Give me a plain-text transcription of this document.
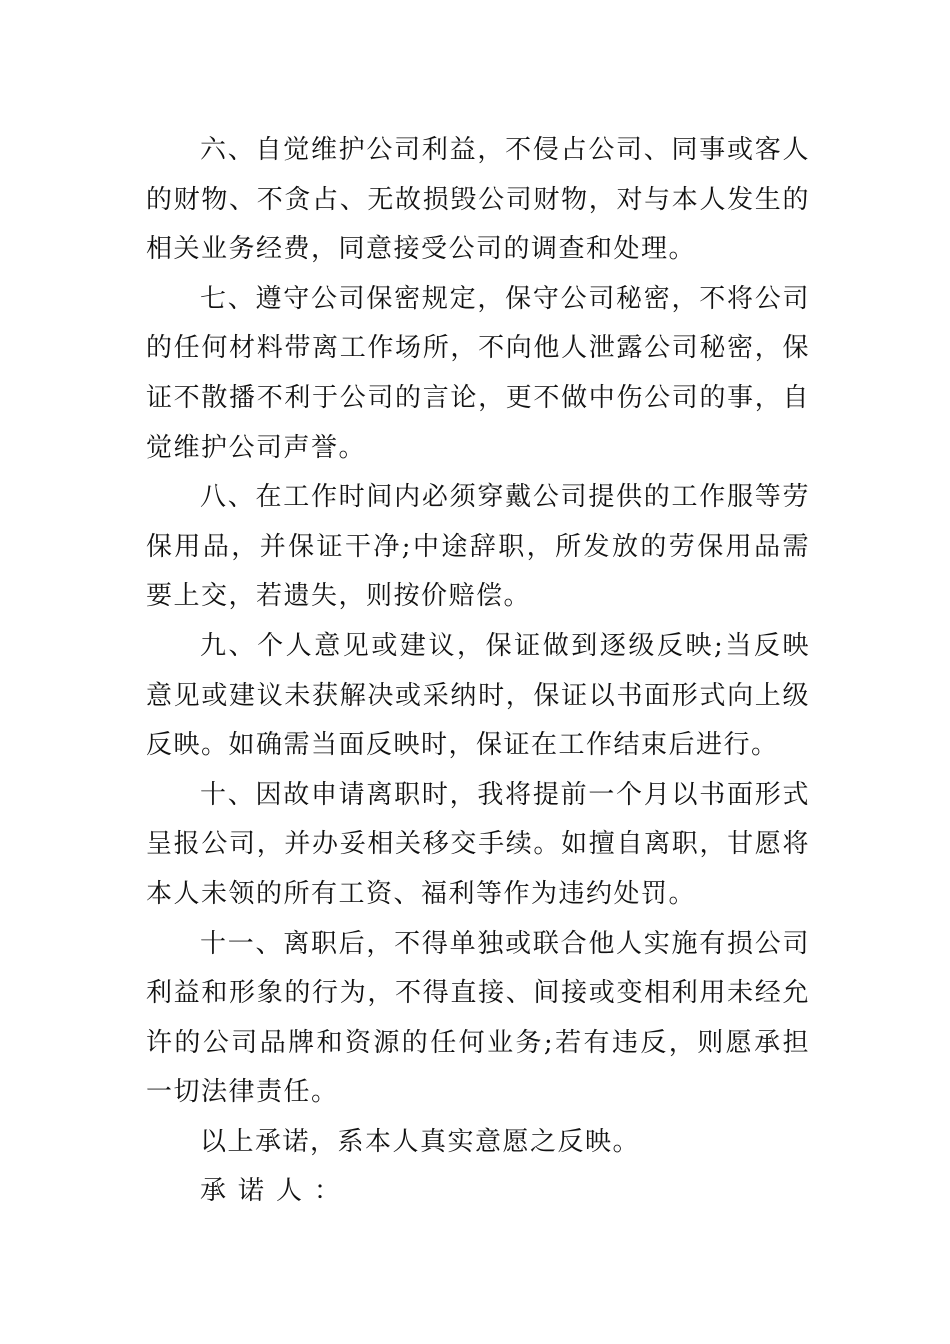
六、自觉维护公司利益，不侵占公司、同事或客人的财物、不贪占、无故损毁公司财物，对与本人发生的相关业务经费，同意接受公司的调查和处理。

七、遵守公司保密规定，保守公司秘密，不将公司的任何材料带离工作场所，不向他人泄露公司秘密，保证不散播不利于公司的言论，更不做中伤公司的事，自觉维护公司声誉。

八、在工作时间内必须穿戴公司提供的工作服等劳保用品，并保证干净;中途辞职，所发放的劳保用品需要上交，若遗失，则按价赔偿。

九、个人意见或建议，保证做到逐级反映;当反映意见或建议未获解决或采纳时，保证以书面形式向上级反映。如确需当面反映时，保证在工作结束后进行。

十、因故申请离职时，我将提前一个月以书面形式呈报公司，并办妥相关移交手续。如擅自离职，甘愿将本人未领的所有工资、福利等作为违约处罚。

十一、离职后，不得单独或联合他人实施有损公司利益和形象的行为，不得直接、间接或变相利用未经允许的公司品牌和资源的任何业务;若有违反，则愿承担一切法律责任。

以上承诺，系本人真实意愿之反映。

承诺人：
